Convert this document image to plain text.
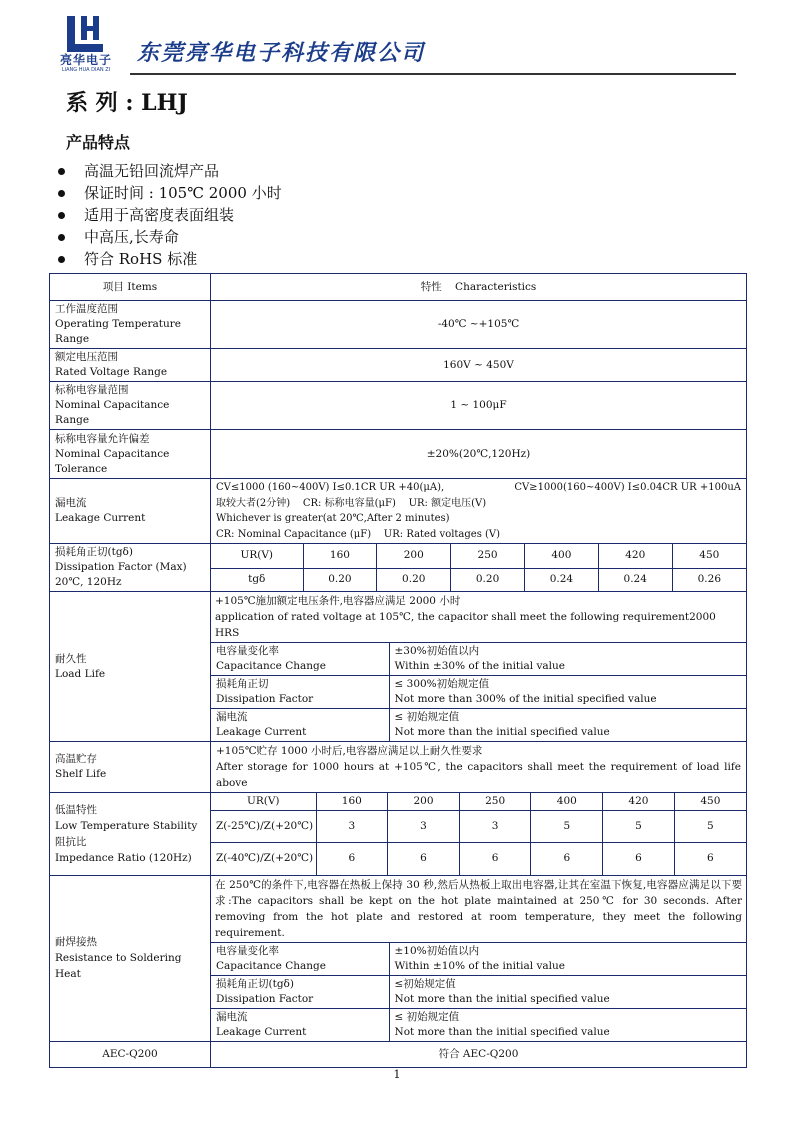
亮华电子
LIANG HUA DIAN ZI
东莞亮华电子科技有限公司
系 列 : LHJ
产品特点
高温无铅回流焊产品
保证时间 : 105℃ 2000 小时
适用于高密度表面组装
中高压,长寿命
符合 RoHS 标准
项目 Items	特性    Characteristics
工作温度范围
Operating Temperature Range	-40℃ ~+105℃
额定电压范围
Rated Voltage Range	160V ~ 450V
标称电容量范围
Nominal Capacitance Range	1 ~ 100μF
标称电容量允许偏差
Nominal Capacitance Tolerance	±20%(20℃,120Hz)
漏电流
Leakage Current	
CV≤1000 (160~400V) I≤0.1CR UR +40(μA),	CV≥1000(160~400V) I≤0.04CR UR +100uA
取较大者(2分钟)    CR: 标称电容量(μF)    UR: 额定电压(V)
Whichever is greater(at 20℃,After 2 minutes)
CR: Nominal Capacitance (μF)    UR: Rated voltages (V)

损耗角正切(tgδ)
Dissipation Factor (Max) 20℃, 120Hz	
UR(V)	160	200	250	400	420	450
tgδ	0.20	0.20	0.20	0.24	0.24	0.26

耐久性
Load Life	
+105℃施加额定电压条件,电容器应满足 2000 小时
application of rated voltage at 105℃, the capacitor shall meet the following requirement2000 HRS
电容量变化率
Capacitance Change	±30%初始值以内
Within ±30% of the initial value
损耗角正切
Dissipation Factor	≤ 300%初始规定值
Not more than 300% of the initial specified value
漏电流
Leakage Current	≤ 初始规定值
Not more than the initial specified value

高温贮存
Shelf Life	+105℃贮存 1000 小时后,电容器应满足以上耐久性要求
After storage for 1000 hours at +105℃, the capacitors shall meet the requirement of load life above
低温特性
Low Temperature Stability
阻抗比
Impedance Ratio (120Hz)	
UR(V)	160	200	250	400	420	450
Z(-25℃)/Z(+20℃)	3	3	3	5	5	5
Z(-40℃)/Z(+20℃)	6	6	6	6	6	6

耐焊接热
Resistance to Soldering Heat	
在 250℃的条件下,电容器在热板上保持 30 秒,然后从热板上取出电容器,让其在室温下恢复,电容器应满足以下要求:The capacitors shall be kept on the hot plate maintained at 250℃ for 30 seconds. After removing from the hot plate and restored at room temperature, they meet the following requirement.
电容量变化率
Capacitance Change	±10%初始值以内
Within ±10% of the initial value
损耗角正切(tgδ)
Dissipation Factor	≤初始规定值
Not more than the initial specified value
漏电流
Leakage Current	≤ 初始规定值
Not more than the initial specified value

AEC-Q200	符合 AEC-Q200
1
